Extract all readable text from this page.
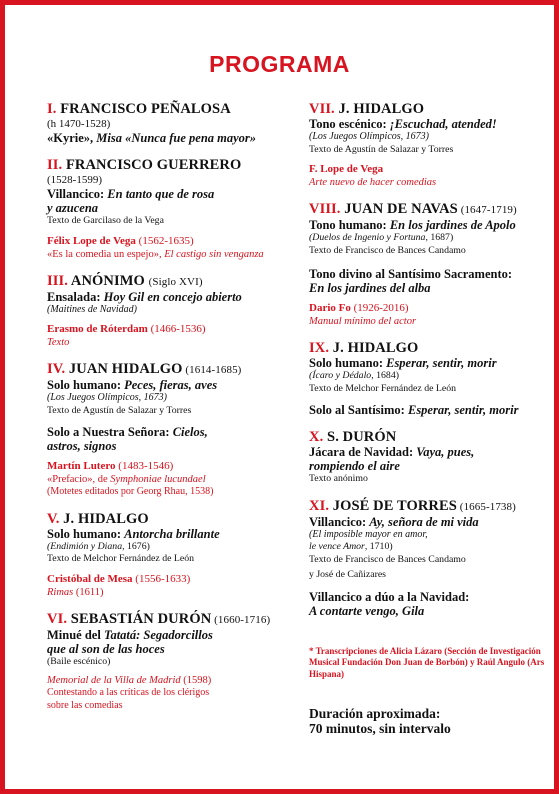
PROGRAMA
I. FRANCISCO PEÑALOSA
(h 1470-1528)
«Kyrie», Misa «Nunca fue pena mayor»
II. FRANCISCO GUERRERO
(1528-1599)
Villancico: En tanto que de rosa
y azucena
Texto de Garcilaso de la Vega
Félix Lope de Vega (1562-1635)
«Es la comedia un espejo», El castigo sin venganza
III. ANÓNIMO (Siglo XVI)
Ensalada: Hoy Gil en concejo abierto
(Maitines de Navidad)
Erasmo de Róterdam (1466-1536)
Texto
IV. JUAN HIDALGO (1614-1685)
Solo humano: Peces, fieras, aves
(Los Juegos Olímpicos, 1673)
Texto de Agustín de Salazar y Torres
Solo a Nuestra Señora: Cielos,
astros, signos
Martín Lutero (1483-1546)
«Prefacio», de Symphoniae lucundael
(Motetes editados por Georg Rhau, 1538)
V. J. HIDALGO
Solo humano: Antorcha brillante
(Endimión y Diana, 1676)
Texto de Melchor Fernández de León
Cristóbal de Mesa (1556-1633)
Rimas (1611)
VI. SEBASTIÁN DURÓN (1660-1716)
Minué del Tatatá: Segadorcillos
que al son de las hoces
(Baile escénico)
Memorial de la Villa de Madrid (1598)
Contestando a las críticas de los clérigos
sobre las comedias
VII. J. HIDALGO
Tono escénico: ¡Escuchad, atended!
(Los Juegos Olímpicos, 1673)
Texto de Agustín de Salazar y Torres
F. Lope de Vega
Arte nuevo de hacer comedias
VIII. JUAN DE NAVAS (1647-1719)
Tono humano: En los jardines de Apolo
(Duelos de Ingenio y Fortuna, 1687)
Texto de Francisco de Bances Candamo
Tono divino al Santísimo Sacramento:
En los jardines del alba
Dario Fo (1926-2016)
Manual mínimo del actor
IX. J. HIDALGO
Solo humano: Esperar, sentir, morir
(Ícaro y Dédalo, 1684)
Texto de Melchor Fernández de León
Solo al Santísimo: Esperar, sentir, morir
X. S. DURÓN
Jácara de Navidad: Vaya, pues,
rompiendo el aire
Texto anónimo
XI. JOSÉ DE TORRES (1665-1738)
Villancico: Ay, señora de mi vida
(El imposible mayor en amor,
le vence Amor, 1710)
Texto de Francisco de Bances Candamo
y José de Cañizares
Villancico a dúo a la Navidad:
A contarte vengo, Gila
* Transcripciones de Alicia Lázaro (Sección de Investigación Musical Fundación Don Juan de Borbón) y Raúl Angulo (Ars Hispana)
Duración aproximada:
70 minutos, sin intervalo
